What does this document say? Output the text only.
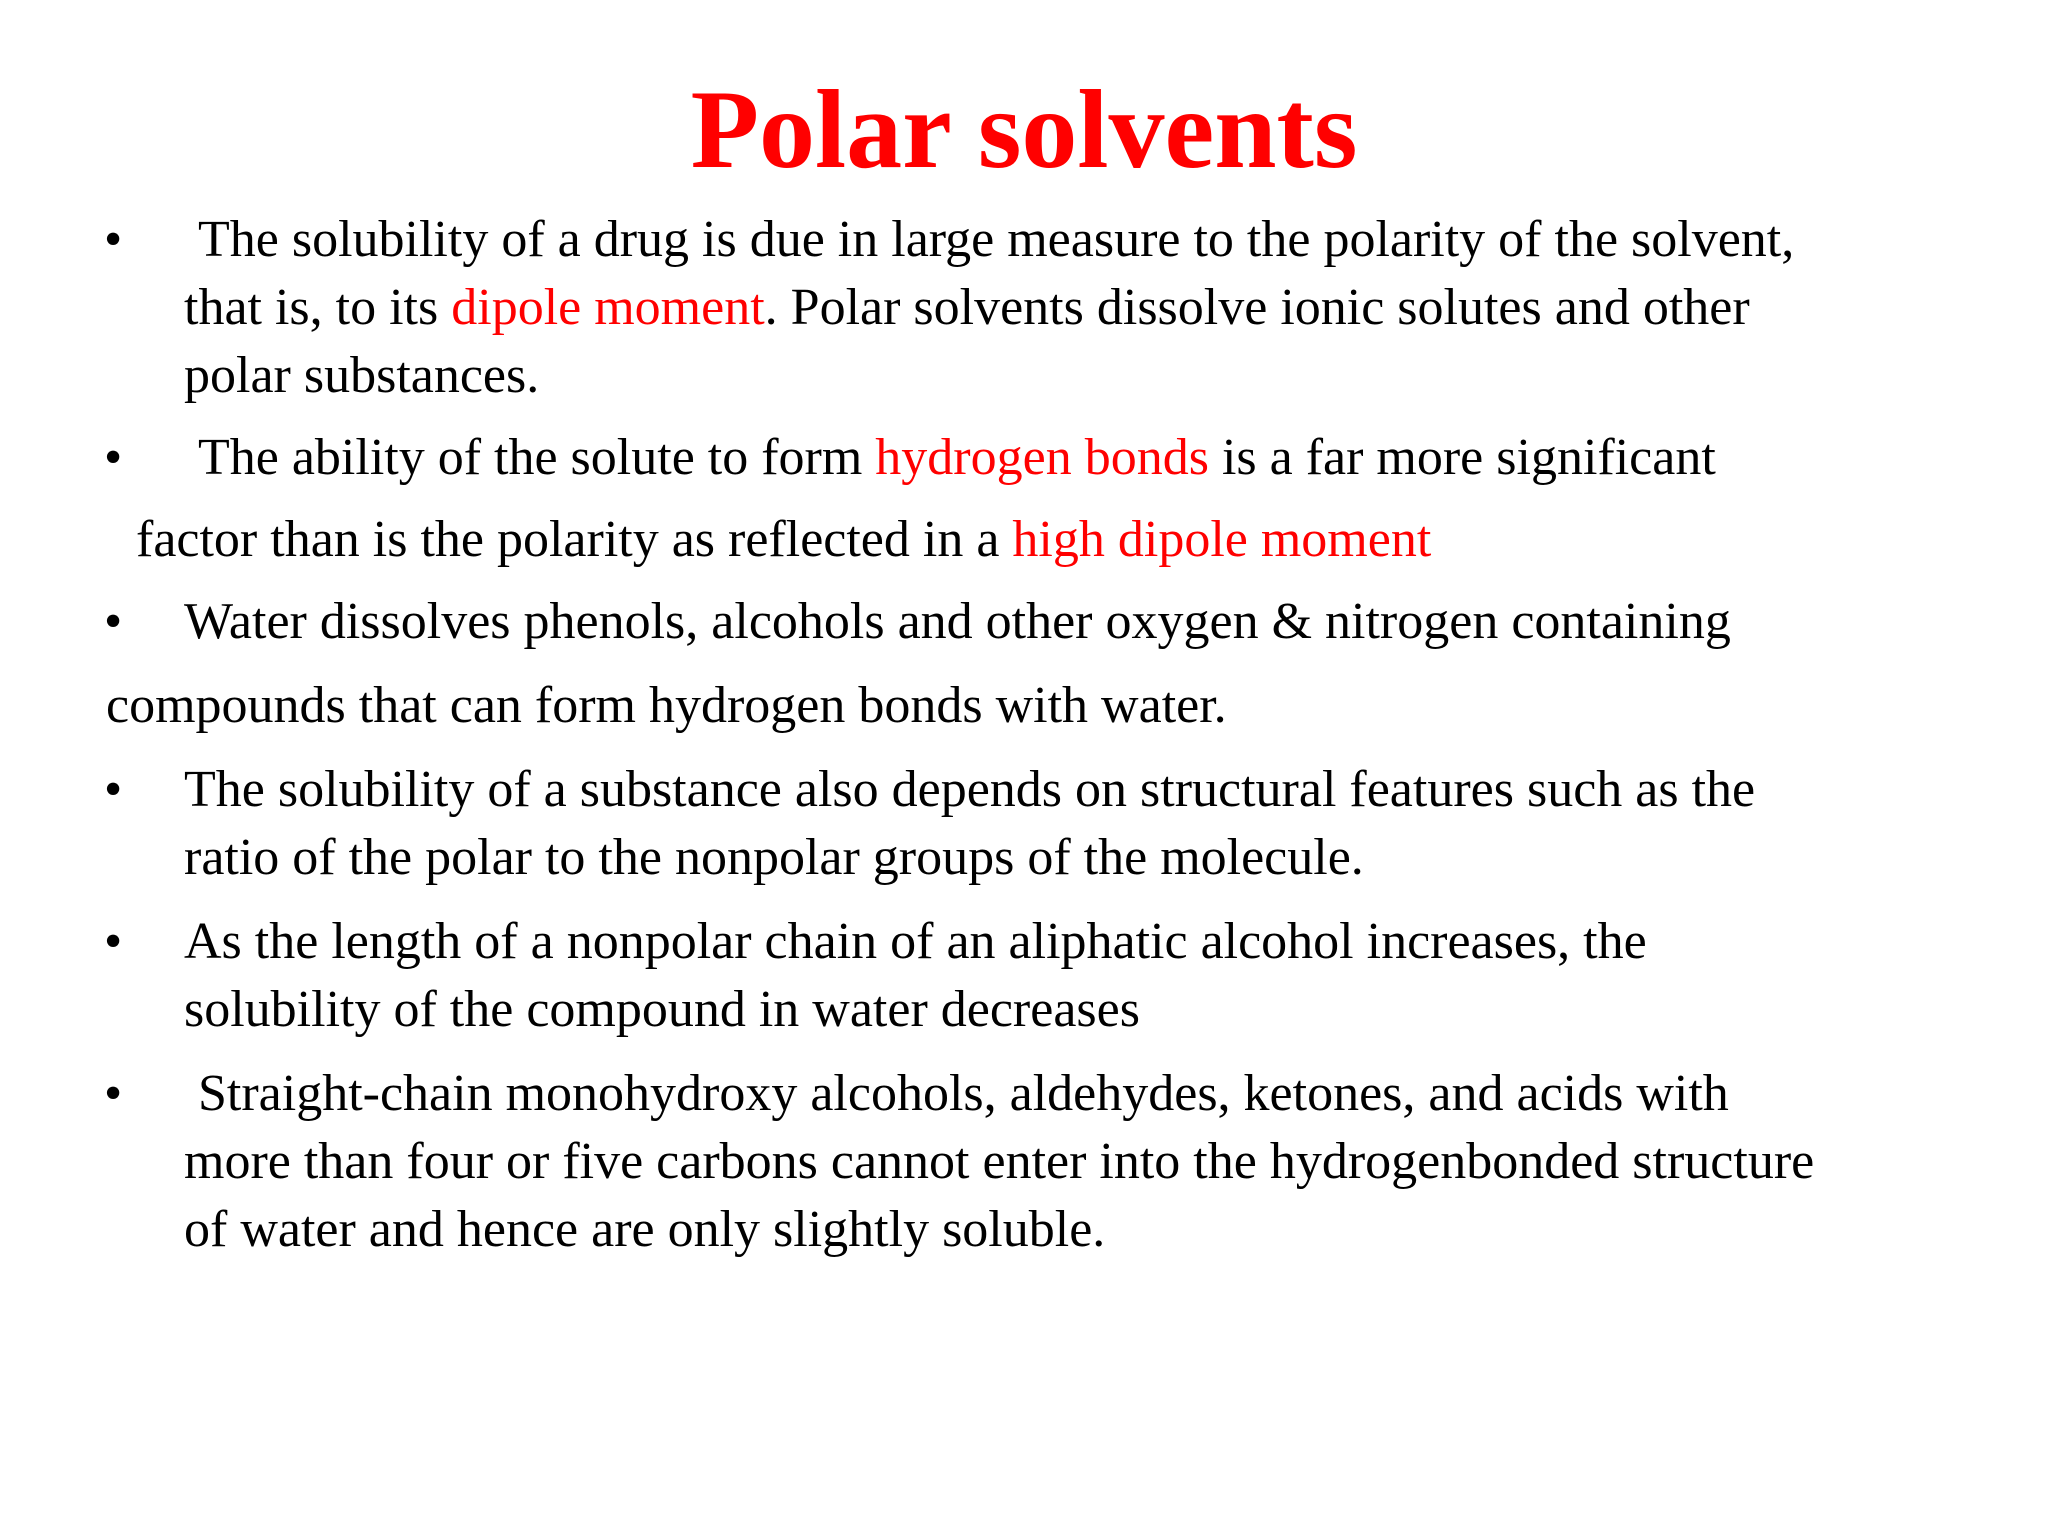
Polar solvents
•	The solubility of a drug is due in large measure to the polarity of the solvent,
that is, to its dipole moment. Polar solvents dissolve ionic solutes and other
polar substances.
•	The ability of the solute to form hydrogen bonds is a far more significant
factor than is the polarity as reflected in a high dipole moment
•	Water dissolves phenols, alcohols and other oxygen & nitrogen containing
compounds that can form hydrogen bonds with water.
•	The solubility of a substance also depends on structural features such as the
ratio of the polar to the nonpolar groups of the molecule.
•	As the length of a nonpolar chain of an aliphatic alcohol increases, the
solubility of the compound in water decreases
•	Straight-chain monohydroxy alcohols, aldehydes, ketones, and acids with
more than four or five carbons cannot enter into the hydrogenbonded structure
of water and hence are only slightly soluble.
